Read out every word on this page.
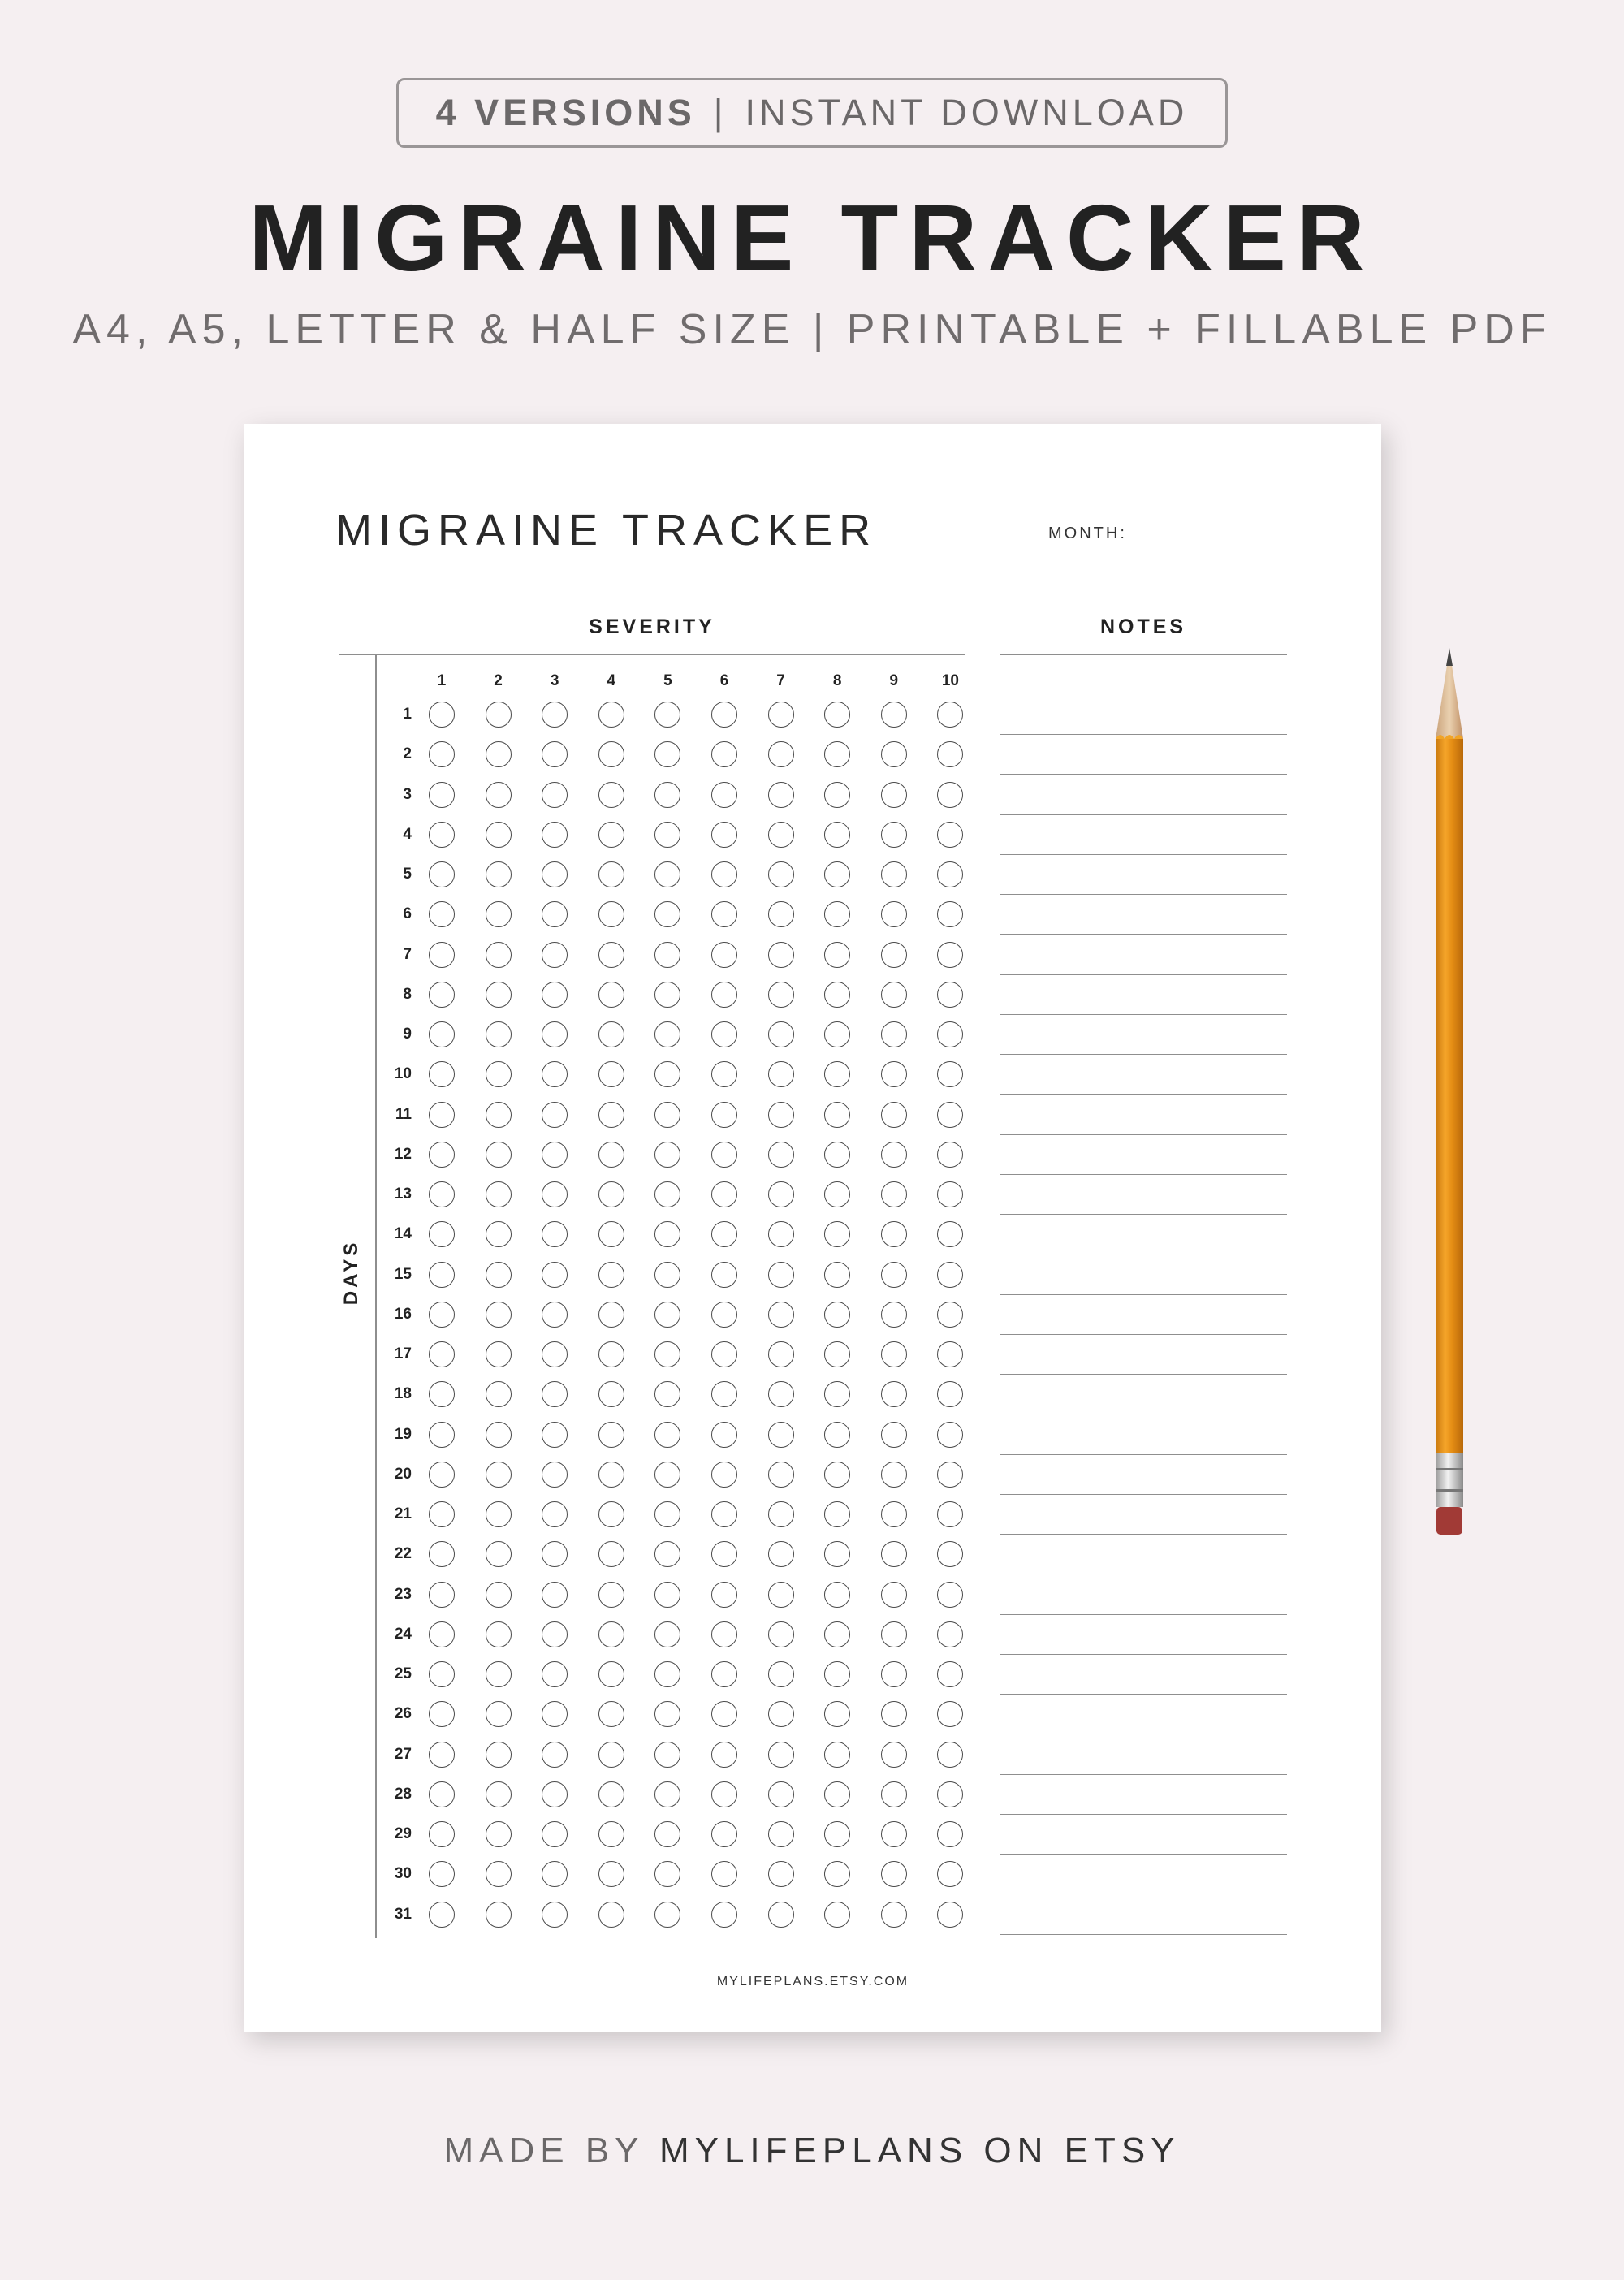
4 VERSIONS | INSTANT DOWNLOAD
MIGRAINE TRACKER
A4, A5, LETTER & HALF SIZE | PRINTABLE + FILLABLE PDF
MIGRAINE TRACKER	MONTH:
SEVERITY	NOTES
DAYS
1	2	3	4	5	6	7	8	9	10
1
2
3
4
5
6
7
8
9
10
11
12
13
14
15
16
17
18
19
20
21
22
23
24
25
26
27
28
29
30
31
MYLIFEPLANS.ETSY.COM
MADE BY MYLIFEPLANS ON ETSY
